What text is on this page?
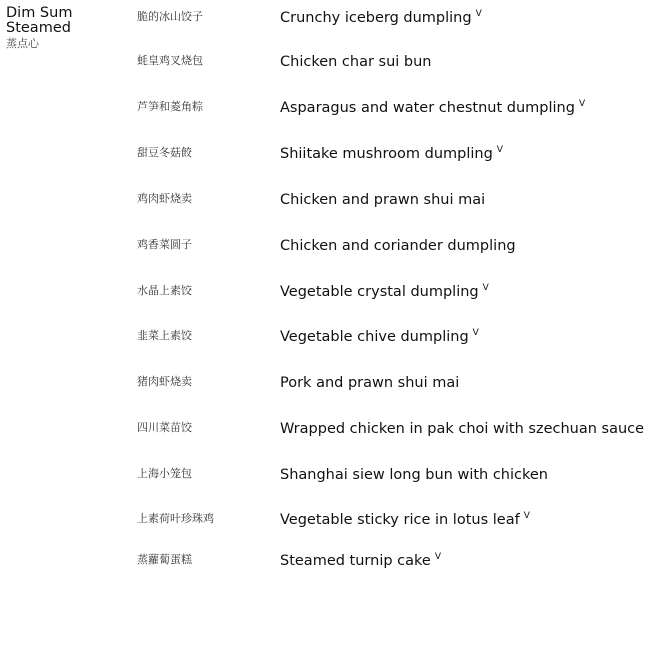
Dim Sum
Steamed
蒸点心
脆的冰山饺子	Crunchy iceberg dumpling $^V$
蚝皇鸡叉烧包	Chicken char sui bun
芦笋和菱角粽	Asparagus and water chestnut dumpling $^V$
甜豆冬菇餃	Shiitake mushroom dumpling $^V$
鸡肉虾烧卖	Chicken and prawn shui mai
鸡香菜圆子	Chicken and coriander dumpling
水晶上素饺	Vegetable crystal dumpling $^V$
韭菜上素饺	Vegetable chive dumpling $^V$
猪肉虾烧卖	Pork and prawn shui mai
四川菜苗饺	Wrapped chicken in pak choi with szechuan sauce
上海小笼包	Shanghai siew long bun with chicken
上素荷叶珍珠鸡	Vegetable sticky rice in lotus leaf $^V$
蒸蘿蔔蛋糕	Steamed turnip cake $^V$
